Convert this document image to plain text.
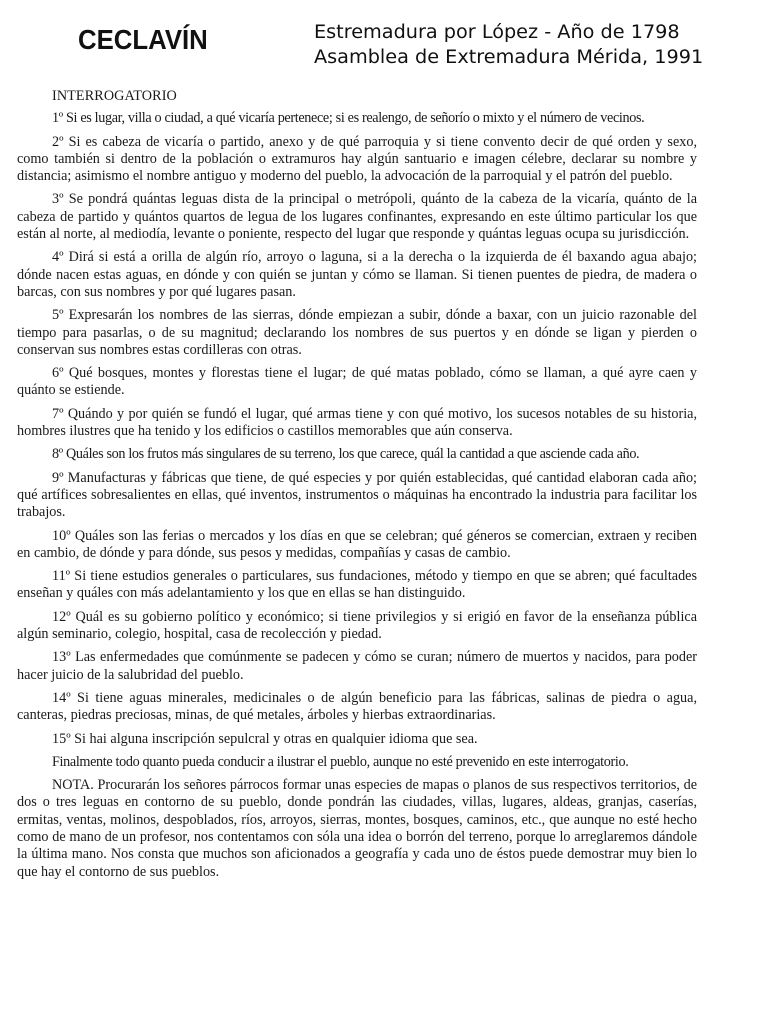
CECLAVÍN	Estremadura por López - Año de 1798
Asamblea de Extremadura Mérida, 1991
INTERROGATORIO

1º Si es lugar, villa o ciudad, a qué vicaría pertenece; si es realengo, de señorío o mixto y el número de vecinos.

2º Si es cabeza de vicaría o partido, anexo y de qué parroquia y si tiene convento decir de qué orden y sexo, como también si dentro de la población o extramuros hay algún santuario e imagen célebre, declarar su nombre y distancia; asimismo el nombre antiguo y moderno del pueblo, la advocación de la parroquial y el patrón del pueblo.

3º Se pondrá quántas leguas dista de la principal o metrópoli, quánto de la cabeza de la vicaría, quánto de la cabeza de partido y quántos quartos de legua de los lugares confinantes, expresando en este último particular los que están al norte, al mediodía, levante o poniente, respecto del lugar que responde y quántas leguas ocupa su jurisdicción.

4º Dirá si está a orilla de algún río, arroyo o laguna, si a la derecha o la izquierda de él baxando agua abajo; dónde nacen estas aguas, en dónde y con quién se juntan y cómo se llaman. Si tienen puentes de piedra, de madera o barcas, con sus nombres y por qué lugares pasan.

5º Expresarán los nombres de las sierras, dónde empiezan a subir, dónde a baxar, con un juicio razonable del tiempo para pasarlas, o de su magnitud; declarando los nombres de sus puertos y en dónde se ligan y pierden o conservan sus nombres estas cordilleras con otras.

6º Qué bosques, montes y florestas tiene el lugar; de qué matas poblado, cómo se llaman, a qué ayre caen y quánto se estiende.

7º Quándo y por quién se fundó el lugar, qué armas tiene y con qué motivo, los sucesos notables de su historia, hombres ilustres que ha tenido y los edificios o castillos memorables que aún conserva.

8º Quáles son los frutos más singulares de su terreno, los que carece, quál la cantidad a que asciende cada año.

9º Manufacturas y fábricas que tiene, de qué especies y por quién establecidas, qué cantidad elaboran cada año; qué artífices sobresalientes en ellas, qué inventos, instrumentos o máquinas ha encontrado la industria para facilitar los trabajos.

10º Quáles son las ferias o mercados y los días en que se celebran; qué géneros se comercian, extraen y reciben en cambio, de dónde y para dónde, sus pesos y medidas, compañías y casas de cambio.

11º Si tiene estudios generales o particulares, sus fundaciones, método y tiempo en que se abren; qué facultades enseñan y quáles con más adelantamiento y los que en ellas se han distinguido.

12º Quál es su gobierno político y económico; si tiene privilegios y si erigió en favor de la enseñanza pública algún seminario, colegio, hospital, casa de recolección y piedad.

13º Las enfermedades que comúnmente se padecen y cómo se curan; número de muertos y nacidos, para poder hacer juicio de la salubridad del pueblo.

14º Si tiene aguas minerales, medicinales o de algún beneficio para las fábricas, salinas de piedra o agua, canteras, piedras preciosas, minas, de qué metales, árboles y hierbas extraordinarias.

15º Si hai alguna inscripción sepulcral y otras en qualquier idioma que sea.

Finalmente todo quanto pueda conducir a ilustrar el pueblo, aunque no esté prevenido en este interrogatorio.

NOTA. Procurarán los señores párrocos formar unas especies de mapas o planos de sus respectivos territorios, de dos o tres leguas en contorno de su pueblo, donde pondrán las ciudades, villas, lugares, aldeas, granjas, caserías, ermitas, ventas, molinos, despoblados, ríos, arroyos, sierras, montes, bosques, caminos, etc., que aunque no esté hecho como de mano de un profesor, nos contentamos con sóla una idea o borrón del terreno, porque lo arreglaremos dándole la última mano. Nos consta que muchos son aficionados a geografía y cada uno de éstos puede demostrar muy bien lo que hay el contorno de sus pueblos.
